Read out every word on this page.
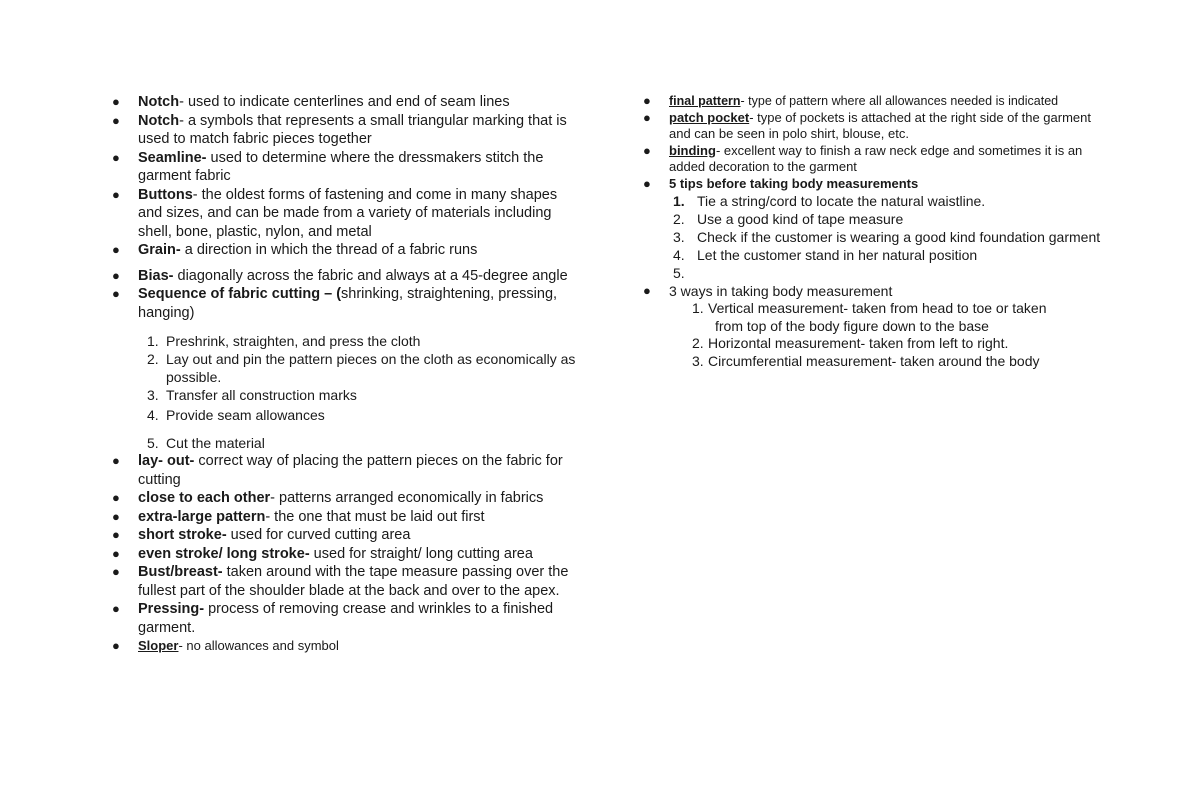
● Notch- used to indicate centerlines and end of seam lines
● Notch- a symbols that represents a small triangular marking that is used to match fabric pieces together
● Seamline- used to determine where the dressmakers stitch the garment fabric
● Buttons- the oldest forms of fastening and come in many shapes and sizes, and can be made from a variety of materials including shell, bone, plastic, nylon, and metal
● Grain- a direction in which the thread of a fabric runs
● Bias- diagonally across the fabric and always at a 45-degree angle
● Sequence of fabric cutting – (shrinking, straightening, pressing, hanging)
1. Preshrink, straighten, and press the cloth
2. Lay out and pin the pattern pieces on the cloth as economically as possible.
3. Transfer all construction marks
4. Provide seam allowances
5. Cut the material
● lay- out- correct way of placing the pattern pieces on the fabric for cutting
● close to each other- patterns arranged economically in fabrics
● extra-large pattern- the one that must be laid out first
● short stroke- used for curved cutting area
● even stroke/ long stroke- used for straight/ long cutting area
● Bust/breast- taken around with the tape measure passing over the fullest part of the shoulder blade at the back and over to the apex.
● Pressing- process of removing crease and wrinkles to a finished garment.
● Sloper- no allowances and symbol
● final pattern- type of pattern where all allowances needed is indicated
● patch pocket- type of pockets is attached at the right side of the garment and can be seen in polo shirt, blouse, etc.
● binding- excellent way to finish a raw neck edge and sometimes it is an added decoration to the garment
● 5 tips before taking body measurements
1. Tie a string/cord to locate the natural waistline.
2. Use a good kind of tape measure
3. Check if the customer is wearing a good kind foundation garment
4. Let the customer stand in her natural position
5.
● 3 ways in taking body measurement
1. Vertical measurement- taken from head to toe or taken
from top of the body figure down to the base
2. Horizontal measurement- taken from left to right.
3. Circumferential measurement- taken around the body
